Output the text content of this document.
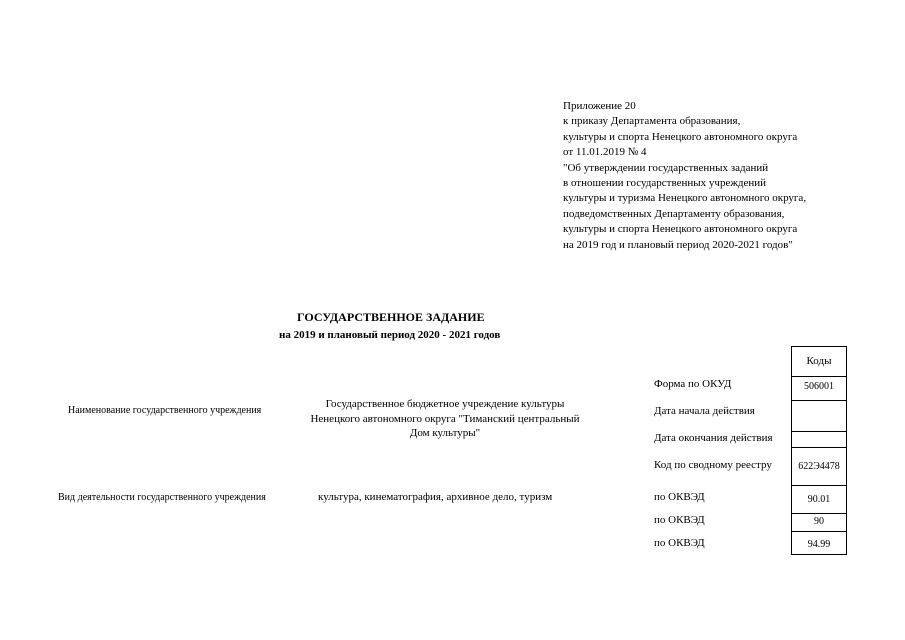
Приложение 20
к приказу Департамента образования,
культуры и спорта Ненецкого автономного округа
от 11.01.2019 № 4
"Об утверждении государственных заданий
в отношении государственных учреждений
культуры и туризма Ненецкого автономного округа,
подведомственных Департаменту образования,
культуры и спорта Ненецкого автономного округа
на 2019 год и плановый период 2020-2021 годов"
ГОСУДАРСТВЕННОЕ ЗАДАНИЕ
на 2019 и плановый период 2020 - 2021 годов
Наименование государственного учреждения
Государственное бюджетное учреждение культуры
Ненецкого автономного округа "Тиманский центральный
Дом культуры"
Вид деятельности государственного учреждения	культура, кинематография, архивное дело, туризм
Форма по ОКУД
Дата начала действия
Дата окончания действия
Код по сводному реестру
по ОКВЭД
по ОКВЭД
по ОКВЭД
Коды
506001
622Э4478
90.01
90
94.99
